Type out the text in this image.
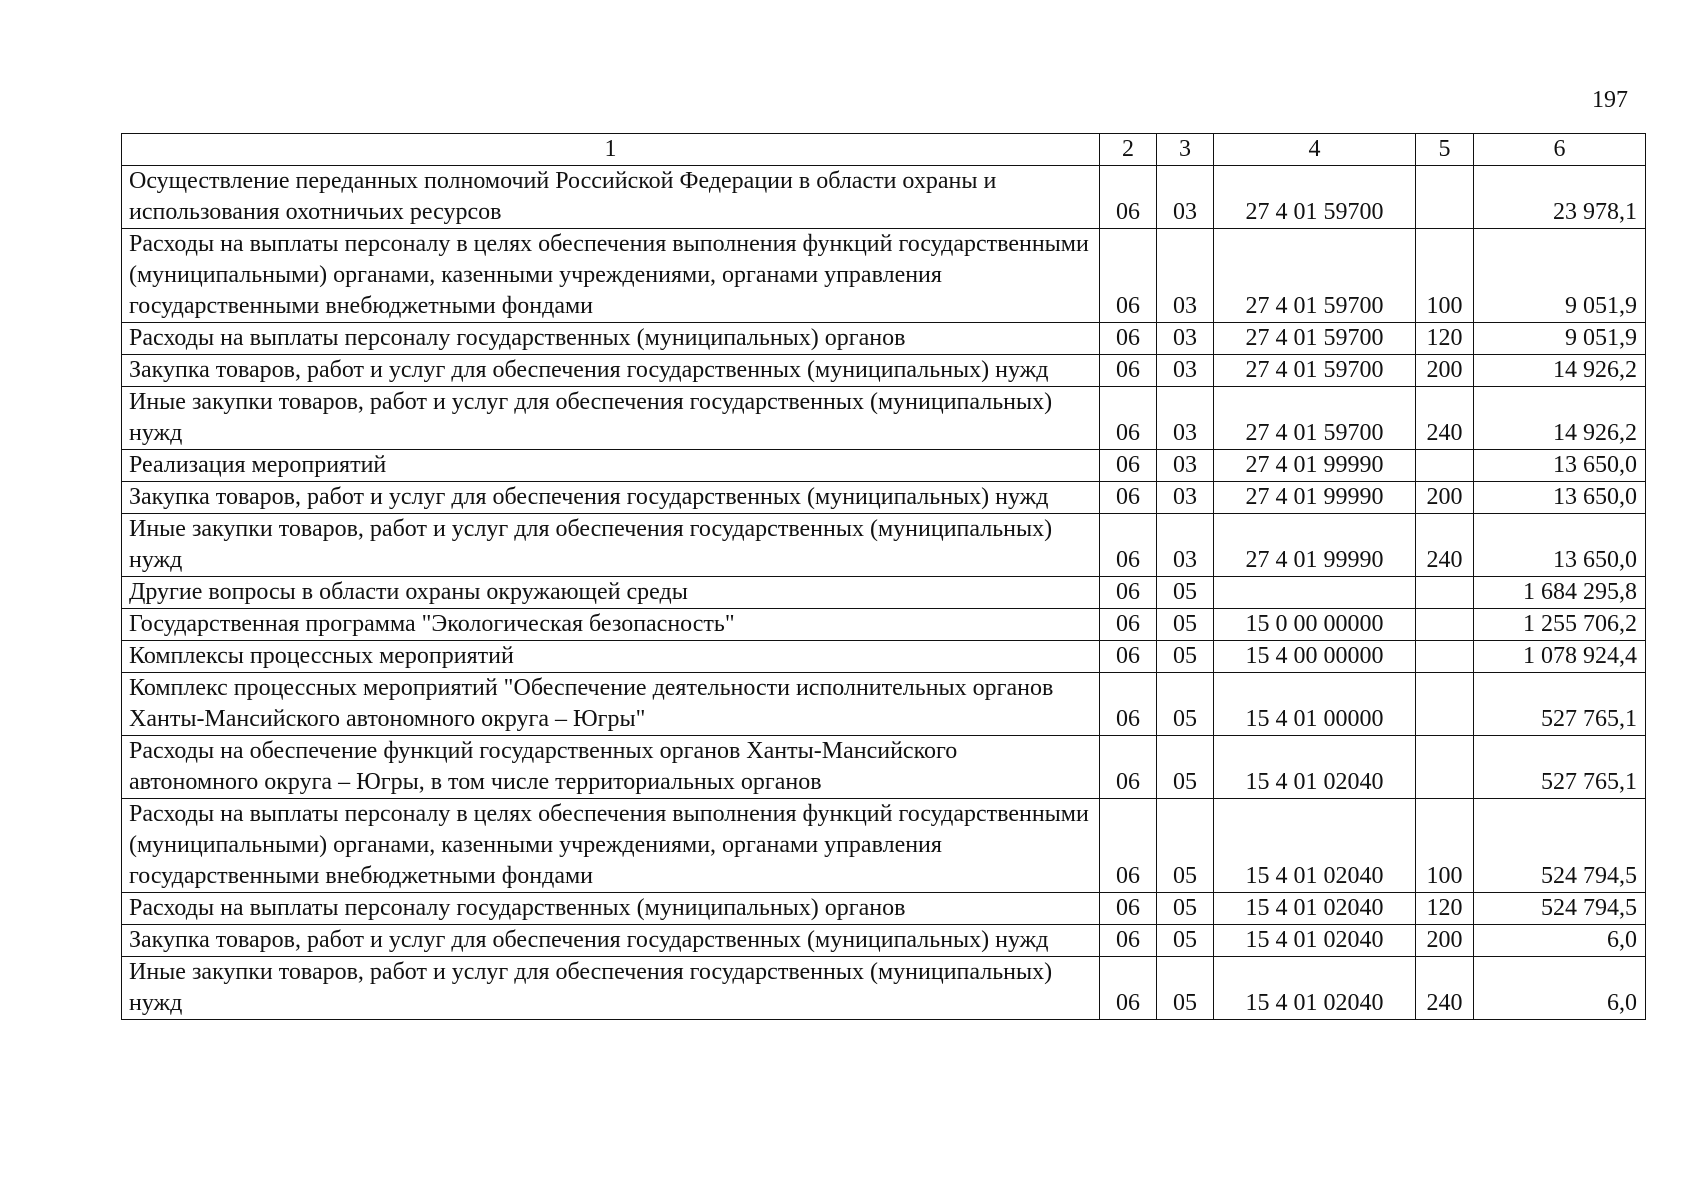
197
1	2	3	4	5	6
Осуществление переданных полномочий Российской Федерации в области охраны и использования охотничьих ресурсов	06	03	27 4 01 59700		23 978,1
Расходы на выплаты персоналу в целях обеспечения выполнения функций государственными (муниципальными) органами, казенными учреждениями, органами управления государственными внебюджетными фондами	06	03	27 4 01 59700	100	9 051,9
Расходы на выплаты персоналу государственных (муниципальных) органов	06	03	27 4 01 59700	120	9 051,9
Закупка товаров, работ и услуг для обеспечения государственных (муниципальных) нужд	06	03	27 4 01 59700	200	14 926,2
Иные закупки товаров, работ и услуг для обеспечения государственных (муниципальных) нужд	06	03	27 4 01 59700	240	14 926,2
Реализация мероприятий	06	03	27 4 01 99990		13 650,0
Закупка товаров, работ и услуг для обеспечения государственных (муниципальных) нужд	06	03	27 4 01 99990	200	13 650,0
Иные закупки товаров, работ и услуг для обеспечения государственных (муниципальных) нужд	06	03	27 4 01 99990	240	13 650,0
Другие вопросы в области охраны окружающей среды	06	05			1 684 295,8
Государственная программа "Экологическая безопасность"	06	05	15 0 00 00000		1 255 706,2
Комплексы процессных мероприятий	06	05	15 4 00 00000		1 078 924,4
Комплекс процессных мероприятий "Обеспечение деятельности исполнительных органов Ханты-Мансийского автономного округа – Югры"	06	05	15 4 01 00000		527 765,1
Расходы на обеспечение функций государственных органов Ханты-Мансийского автономного округа – Югры, в том числе территориальных органов	06	05	15 4 01 02040		527 765,1
Расходы на выплаты персоналу в целях обеспечения выполнения функций государственными (муниципальными) органами, казенными учреждениями, органами управления государственными внебюджетными фондами	06	05	15 4 01 02040	100	524 794,5
Расходы на выплаты персоналу государственных (муниципальных) органов	06	05	15 4 01 02040	120	524 794,5
Закупка товаров, работ и услуг для обеспечения государственных (муниципальных) нужд	06	05	15 4 01 02040	200	6,0
Иные закупки товаров, работ и услуг для обеспечения государственных (муниципальных) нужд	06	05	15 4 01 02040	240	6,0
